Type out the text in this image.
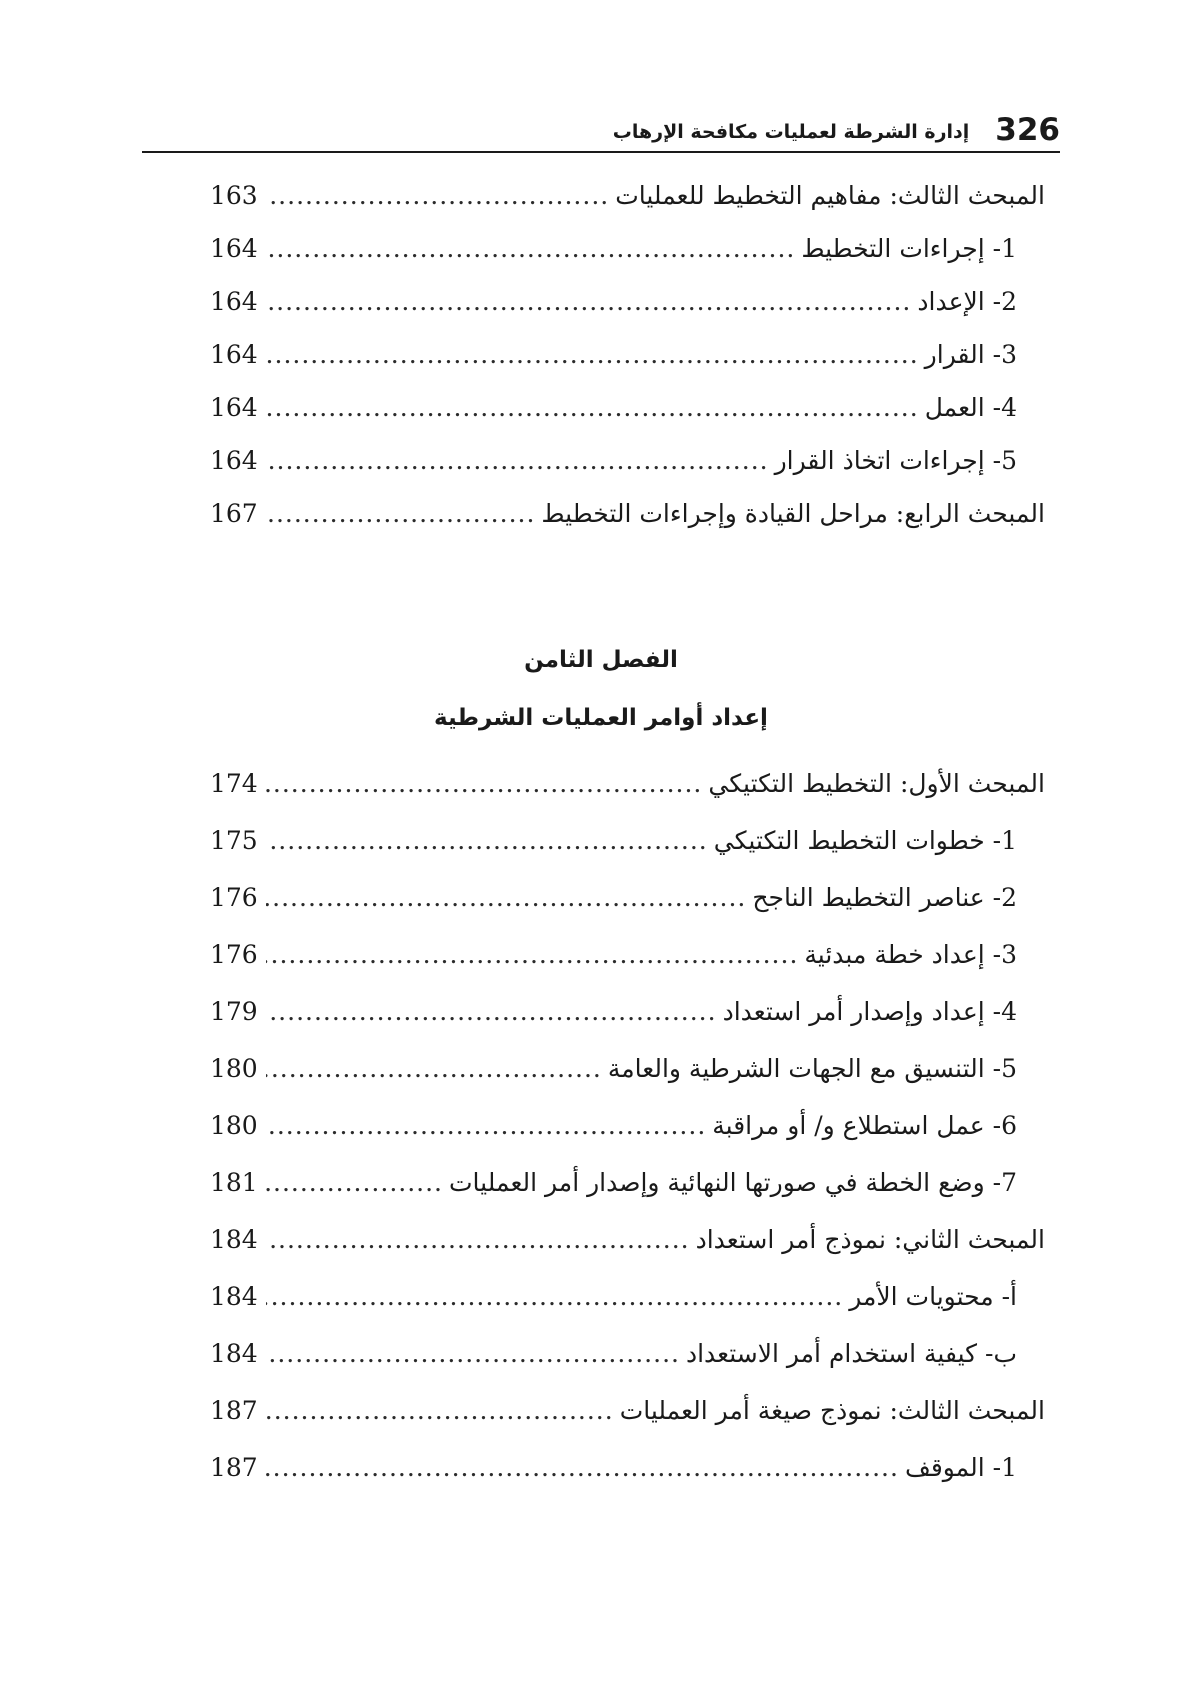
326
إدارة الشرطة لعمليات مكافحة الإرهاب
المبحث الثالث: مفاهيم التخطيط للعمليات
.....
163
1- إجراءات التخطيط
.....
164
2- الإعداد
.....
164
3- القرار
.....
164
4- العمل
.....
164
5- إجراءات اتخاذ القرار
.....
164
المبحث الرابع: مراحل القيادة وإجراءات التخطيط
.....
167
الفصل الثامن
إعداد أوامر العمليات الشرطية
المبحث الأول: التخطيط التكتيكي
.....
174
1- خطوات التخطيط التكتيكي
.....
175
2- عناصر التخطيط الناجح
.....
176
3- إعداد خطة مبدئية
.....
176
4- إعداد وإصدار أمر استعداد
.....
179
5- التنسيق مع الجهات الشرطية والعامة
.....
180
6- عمل استطلاع و/ أو مراقبة
.....
180
7- وضع الخطة في صورتها النهائية وإصدار أمر العمليات
.....
181
المبحث الثاني: نموذج أمر استعداد
.....
184
أ- محتويات الأمر
.....
184
ب- كيفية استخدام أمر الاستعداد
.....
184
المبحث الثالث: نموذج صيغة أمر العمليات
.....
187
1- الموقف
.....
187
